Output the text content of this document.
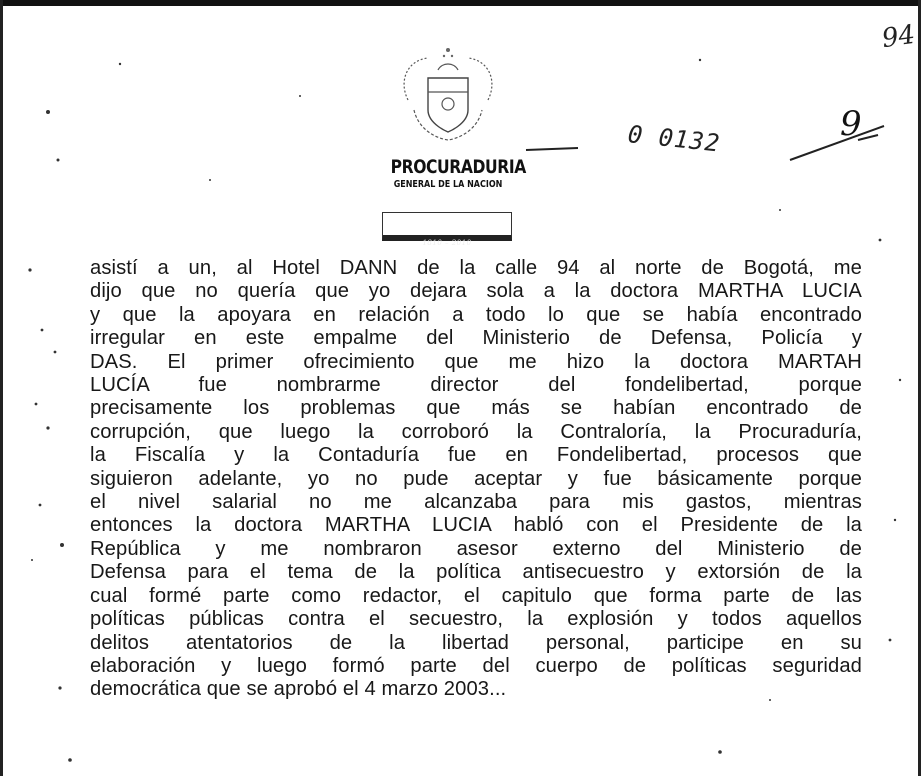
PROCURADURIA
GENERAL DE LA NACION
1810 – 2010
0 0132
94
9
asistí a un, al Hotel DANN de la calle 94 al norte de Bogotá, me
dijo que no quería que yo dejara sola a la doctora MARTHA LUCIA
y que la apoyara en relación a todo lo que se había encontrado
irregular en este empalme del Ministerio de Defensa, Policía y
DAS. El primer ofrecimiento que me hizo la doctora MARTAH
LUCÍA fue nombrarme director del fondelibertad, porque
precisamente los problemas que más se habían encontrado de
corrupción, que luego la corroboró la Contraloría, la Procuraduría,
la Fiscalía y la Contaduría fue en Fondelibertad, procesos que
siguieron adelante, yo no pude aceptar y fue básicamente porque
el nivel salarial no me alcanzaba para mis gastos, mientras
entonces la doctora MARTHA LUCIA habló con el Presidente de la
República y me nombraron asesor externo del Ministerio de
Defensa para el tema de la política antisecuestro y extorsión de la
cual formé parte como redactor, el capitulo que forma parte de las
políticas públicas contra el secuestro, la explosión y todos aquellos
delitos atentatorios de la libertad personal, participe en su
elaboración y luego formó parte del cuerpo de políticas seguridad
democrática que se aprobó el 4 marzo 2003...
